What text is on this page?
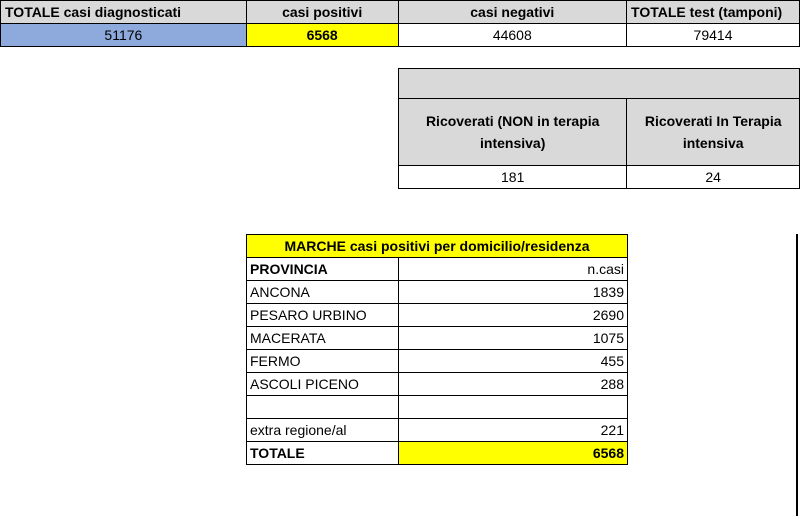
TOTALE casi diagnosticati	casi positivi	casi negativi	TOTALE test (tamponi)
51176	6568	44608	79414

Ricoverati (NON in terapia intensiva)	Ricoverati In Terapia intensiva
181	24
MARCHE casi positivi per domicilio/residenza	
PROVINCIA	n.casi
ANCONA	1839
PESARO URBINO	2690
MACERATA	1075
FERMO	455
ASCOLI PICENO	288

extra regione/al	221
TOTALE	6568
